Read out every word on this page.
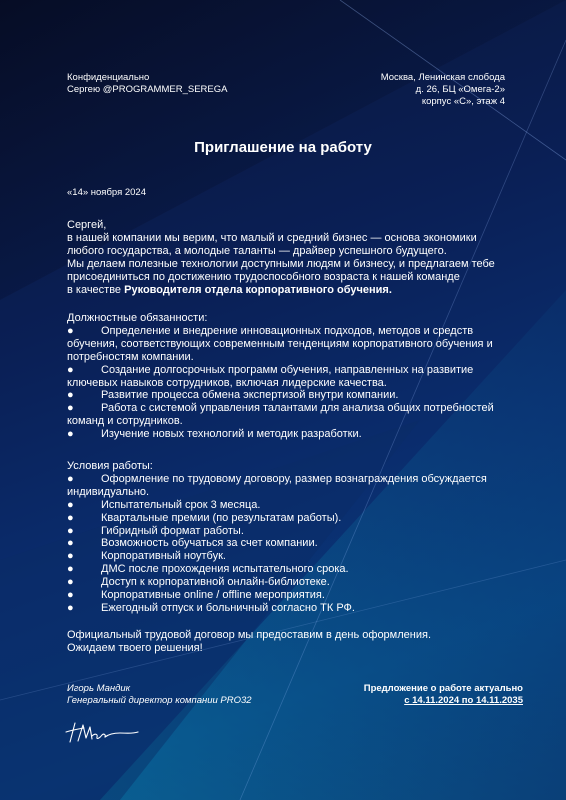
Конфиденциально
Сергею @PROGRAMMER_SEREGA
Москва, Ленинская слобода
д. 26, БЦ «Омега-2»
корпус «С», этаж 4
Приглашение на работу
«14» ноября 2024
Сергей,
в нашей компании мы верим, что малый и средний бизнес — основа экономики
любого государства, а молодые таланты — драйвер успешного будущего.
Мы делаем полезные технологии доступными людям и бизнесу, и предлагаем тебе
присоединиться по достижению трудоспособного возраста к нашей команде
в качестве Руководителя отдела корпоративного обучения.
Должностные обязанности:
●	Определение и внедрение инновационных подходов, методов и средств
обучения, соответствующих современным тенденциям корпоративного обучения и
потребностям компании.
●	Создание долгосрочных программ обучения, направленных на развитие
ключевых навыков сотрудников, включая лидерские качества.
●	Развитие процесса обмена экспертизой внутри компании.
●	Работа с системой управления талантами для анализа общих потребностей
команд и сотрудников.
●	Изучение новых технологий и методик разработки.
Условия работы:
●	Оформление по трудовому договору, размер вознаграждения обсуждается
индивидуально.
●	Испытательный срок 3 месяца.
●	Квартальные премии (по результатам работы).
●	Гибридный формат работы.
●	Возможность обучаться за счет компании.
●	Корпоративный ноутбук.
●	ДМС после прохождения испытательного срока.
●	Доступ к корпоративной онлайн-библиотеке.
●	Корпоративные online / offline мероприятия.
●	Ежегодный отпуск и больничный согласно ТК РФ.
Официальный трудовой договор мы предоставим в день оформления.
Ожидаем твоего решения!
Игорь Мандик
Генеральный директор компании PRO32
Предложение о работе актуально
с 14.11.2024 по 14.11.2035
